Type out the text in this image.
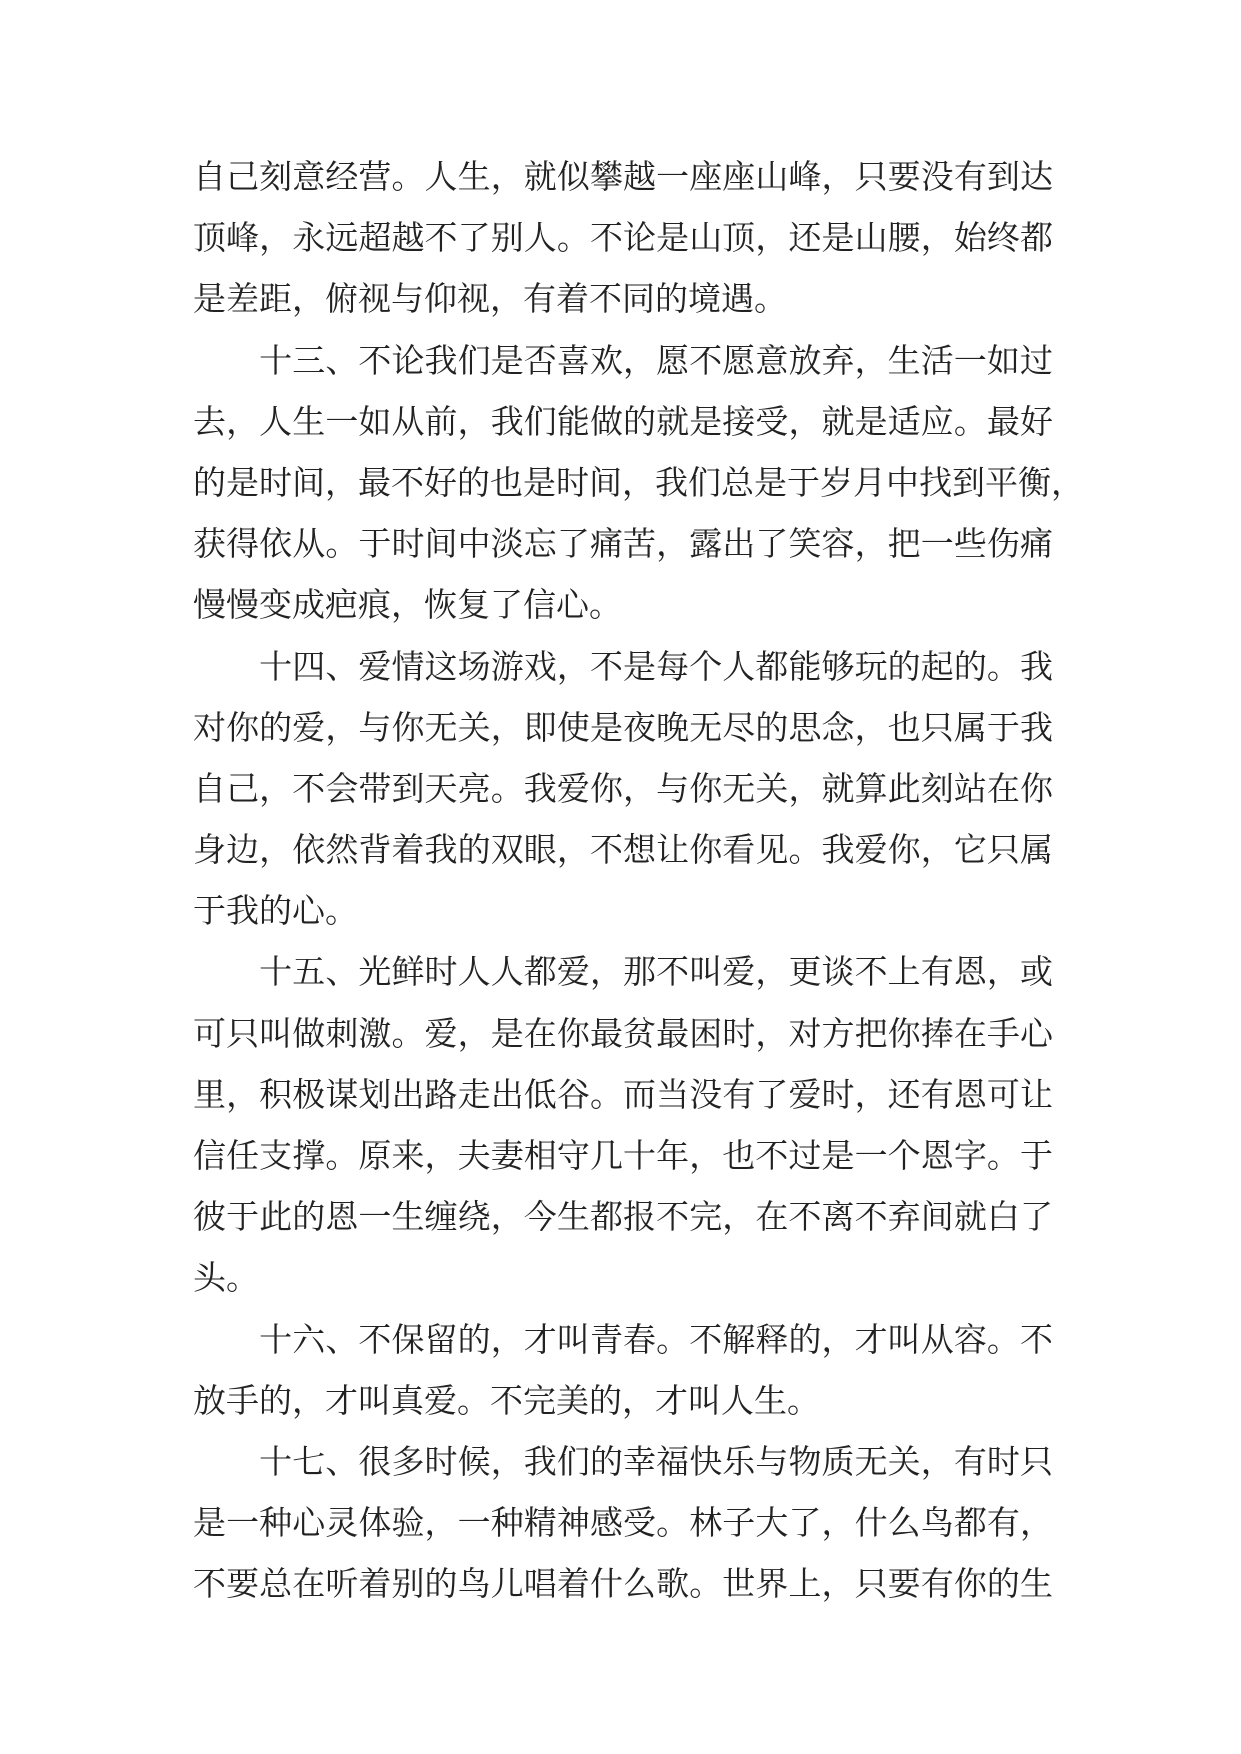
自己刻意经营。人生，就似攀越一座座山峰，只要没有到达
顶峰，永远超越不了别人。不论是山顶，还是山腰，始终都
是差距，俯视与仰视，有着不同的境遇。
　　十三、不论我们是否喜欢，愿不愿意放弃，生活一如过
去，人生一如从前，我们能做的就是接受，就是适应。最好
的是时间，最不好的也是时间，我们总是于岁月中找到平衡，
获得依从。于时间中淡忘了痛苦，露出了笑容，把一些伤痛
慢慢变成疤痕，恢复了信心。
　　十四、爱情这场游戏，不是每个人都能够玩的起的。我
对你的爱，与你无关，即使是夜晚无尽的思念，也只属于我
自己，不会带到天亮。我爱你，与你无关，就算此刻站在你
身边，依然背着我的双眼，不想让你看见。我爱你，它只属
于我的心。
　　十五、光鲜时人人都爱，那不叫爱，更谈不上有恩，或
可只叫做刺激。爱，是在你最贫最困时，对方把你捧在手心
里，积极谋划出路走出低谷。而当没有了爱时，还有恩可让
信任支撑。原来，夫妻相守几十年，也不过是一个恩字。于
彼于此的恩一生缠绕，今生都报不完，在不离不弃间就白了
头。
　　十六、不保留的，才叫青春。不解释的，才叫从容。不
放手的，才叫真爱。不完美的，才叫人生。
　　十七、很多时候，我们的幸福快乐与物质无关，有时只
是一种心灵体验，一种精神感受。林子大了，什么鸟都有，
不要总在听着别的鸟儿唱着什么歌。世界上，只要有你的生
